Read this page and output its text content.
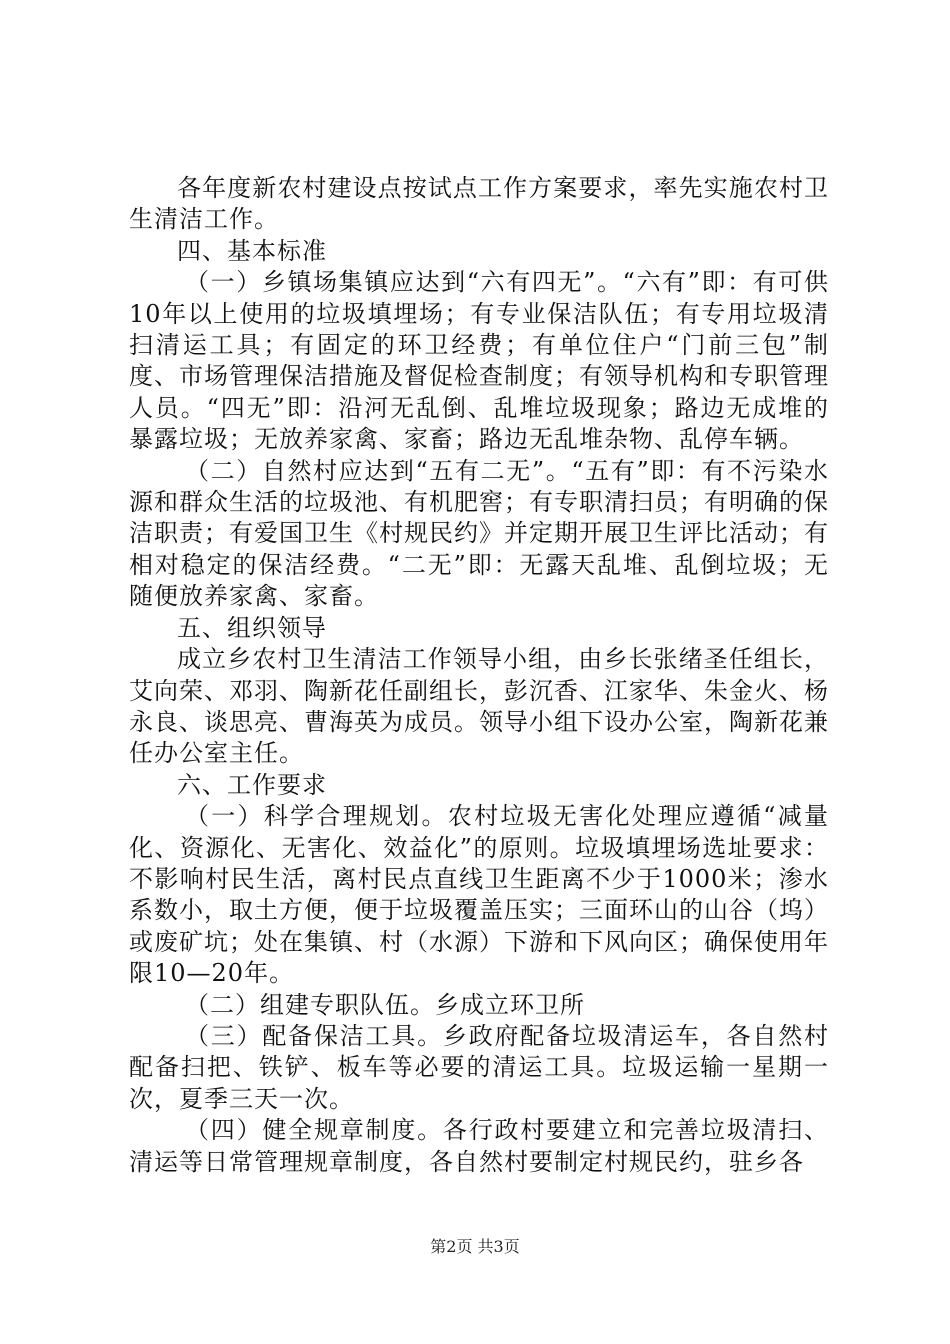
各年度新农村建设点按试点工作方案要求，率先实施农村卫生清洁工作。

四、基本标准

（一）乡镇场集镇应达到“六有四无”。“六有”即：有可供10年以上使用的垃圾填埋场；有专业保洁队伍；有专用垃圾清扫清运工具；有固定的环卫经费；有单位住户“门前三包”制度、市场管理保洁措施及督促检查制度；有领导机构和专职管理人员。“四无”即：沿河无乱倒、乱堆垃圾现象；路边无成堆的暴露垃圾；无放养家禽、家畜；路边无乱堆杂物、乱停车辆。

（二）自然村应达到“五有二无”。“五有”即：有不污染水源和群众生活的垃圾池、有机肥窖；有专职清扫员；有明确的保洁职责；有爱国卫生《村规民约》并定期开展卫生评比活动；有相对稳定的保洁经费。“二无”即：无露天乱堆、乱倒垃圾；无随便放养家禽、家畜。

五、组织领导

成立乡农村卫生清洁工作领导小组，由乡长张绪圣任组长，艾向荣、邓羽、陶新花任副组长，彭沉香、江家华、朱金火、杨永良、谈思亮、曹海英为成员。领导小组下设办公室，陶新花兼任办公室主任。

六、工作要求

（一）科学合理规划。农村垃圾无害化处理应遵循“减量化、资源化、无害化、效益化”的原则。垃圾填埋场选址要求：不影响村民生活，离村民点直线卫生距离不少于1000米；渗水系数小，取土方便，便于垃圾覆盖压实；三面环山的山谷（坞）或废矿坑；处在集镇、村（水源）下游和下风向区；确保使用年限10—20年。

（二）组建专职队伍。乡成立环卫所

（三）配备保洁工具。乡政府配备垃圾清运车，各自然村配备扫把、铁铲、板车等必要的清运工具。垃圾运输一星期一次，夏季三天一次。

（四）健全规章制度。各行政村要建立和完善垃圾清扫、清运等日常管理规章制度，各自然村要制定村规民约，驻乡各

第2页 共3页
